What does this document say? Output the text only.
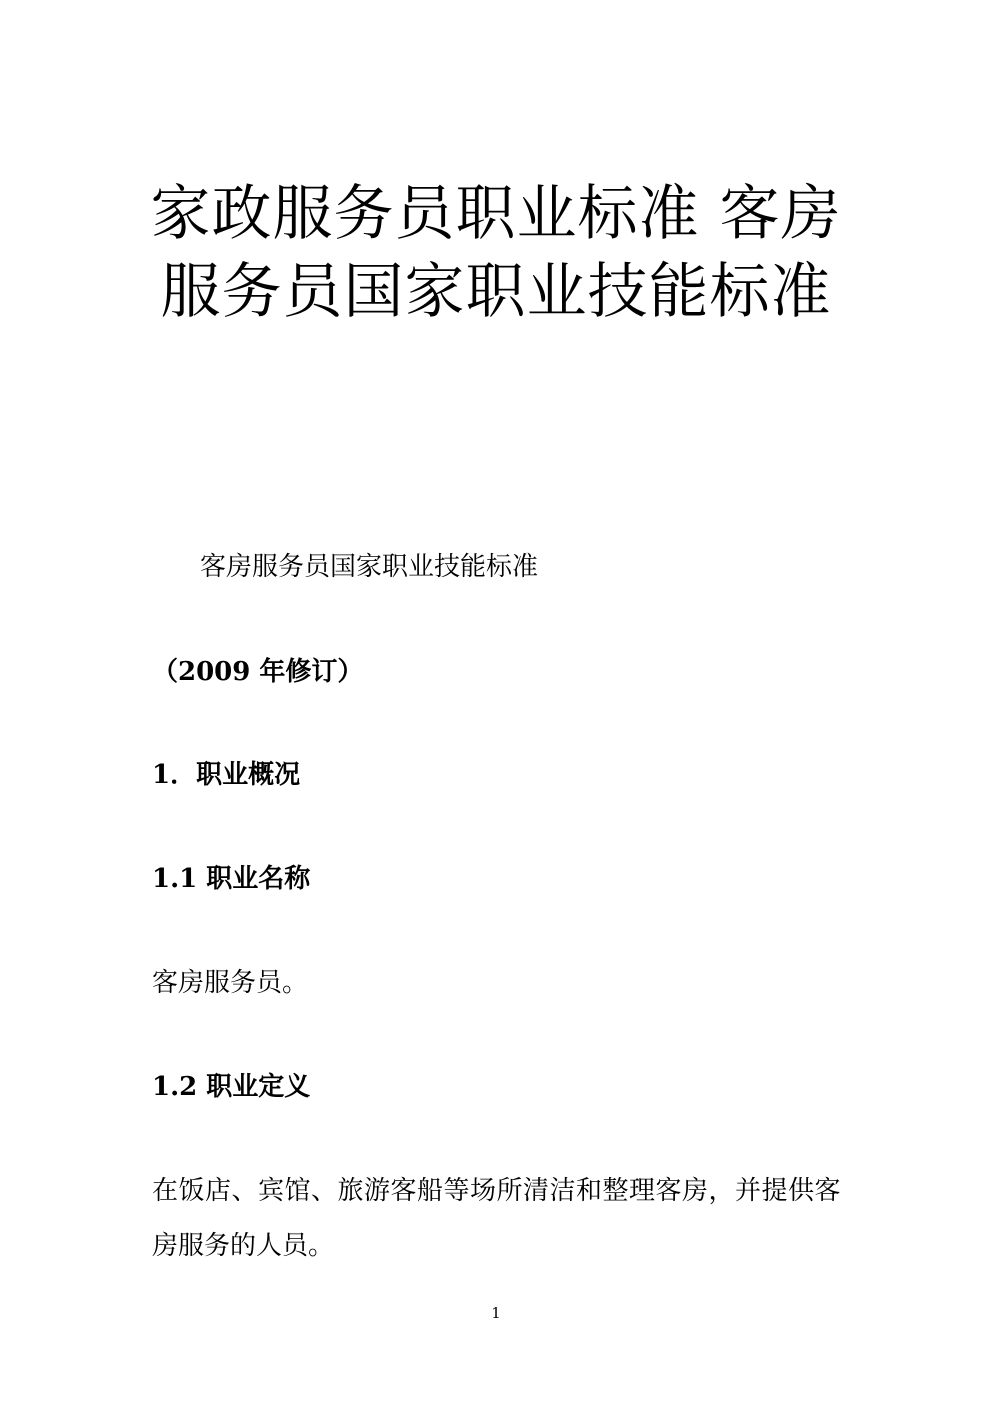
家政服务员职业标准 客房
服务员国家职业技能标准
客房服务员国家职业技能标准
（2009 年修订）
1．职业概况
1.1 职业名称
客房服务员。
1.2 职业定义
在饭店、宾馆、旅游客船等场所清洁和整理客房，并提供客
房服务的人员。
1
